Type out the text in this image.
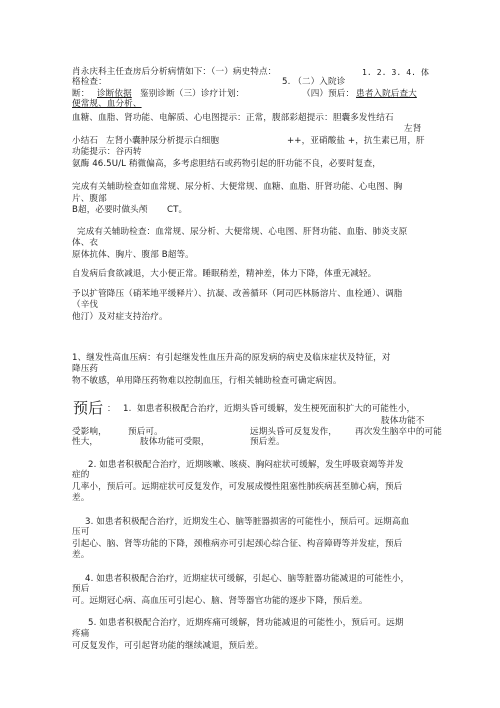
肖永庆科主任查房后分析病情如下：（一）病史特点：	1. 2. 3. 4. 体
格检查：	5. （二）入院诊
断： 诊断依据 鉴别诊断（三）诊疗计划：	（四）预后： 患者入院后查大
便常规、血分析、
血糖、血脂、肾功能、电解质、心电图提示：正常，腹部彩超提示：胆囊多发性结石
左肾
小结石 左肾小囊肿尿分析提示白细胞	++，亚硝酸盐 +，抗生素已用，肝
功能提示：谷丙转
氨酶 46.5U/L 稍微偏高，多考虑胆结石或药物引起的肝功能不良，必要时复查，
完成有关辅助检查如血常规、尿分析、大便常规、血糖、血脂、肝肾功能、心电图、胸
片、腹部
B超，必要时做头颅 CT。
完成有关辅助检查：血常规、尿分析、大便常规、心电图、肝肾功能、血脂、肺炎支原
体、衣
原体抗体、胸片、腹部 B超等。
自发病后食欲减退，大小便正常。睡眠稍差，精神差，体力下降，体重无减轻。
予以扩管降压（硝苯地平缓释片）、抗凝、改善循环（阿司匹林肠溶片、血栓通）、调脂
（辛伐
他汀）及对症支持治疗。
1、继发性高血压病：有引起继发性血压升高的原发病的病史及临床症状及特征，对
降压药
物不敏感，单用降压药物难以控制血压，行相关辅助检查可确定病因。
预后 ： 1. 如患者积极配合治疗，近期头昏可缓解，发生梗死面积扩大的可能性小，
肢体功能不
受影响， 预后可。	远期头昏可反复发作， 再次发生脑卒中的可能
性大，	肢体功能可受限，	预后差。
2. 如患者积极配合治疗，近期咳嗽、咳痰、胸闷症状可缓解，发生呼吸衰竭等并发
症的
几率小，预后可。远期症状可反复发作，可发展成慢性阻塞性肺疾病甚至肺心病，预后
差。
3. 如患者积极配合治疗，近期发生心、脑等脏器损害的可能性小，预后可。远期高血
压可
引起心、脑、肾等功能的下降，颈椎病亦可引起颈心综合征、构音障碍等并发症，预后
差。
4. 如患者积极配合治疗，近期症状可缓解，引起心、脑等脏器功能减退的可能性小，
预后
可。远期冠心病、高血压可引起心、脑、肾等器官功能的逐步下降，预后差。
5. 如患者积极配合治疗，近期疼痛可缓解，肾功能减退的可能性小，预后可。远期
疼痛
可反复发作，可引起肾功能的继续减退，预后差。
